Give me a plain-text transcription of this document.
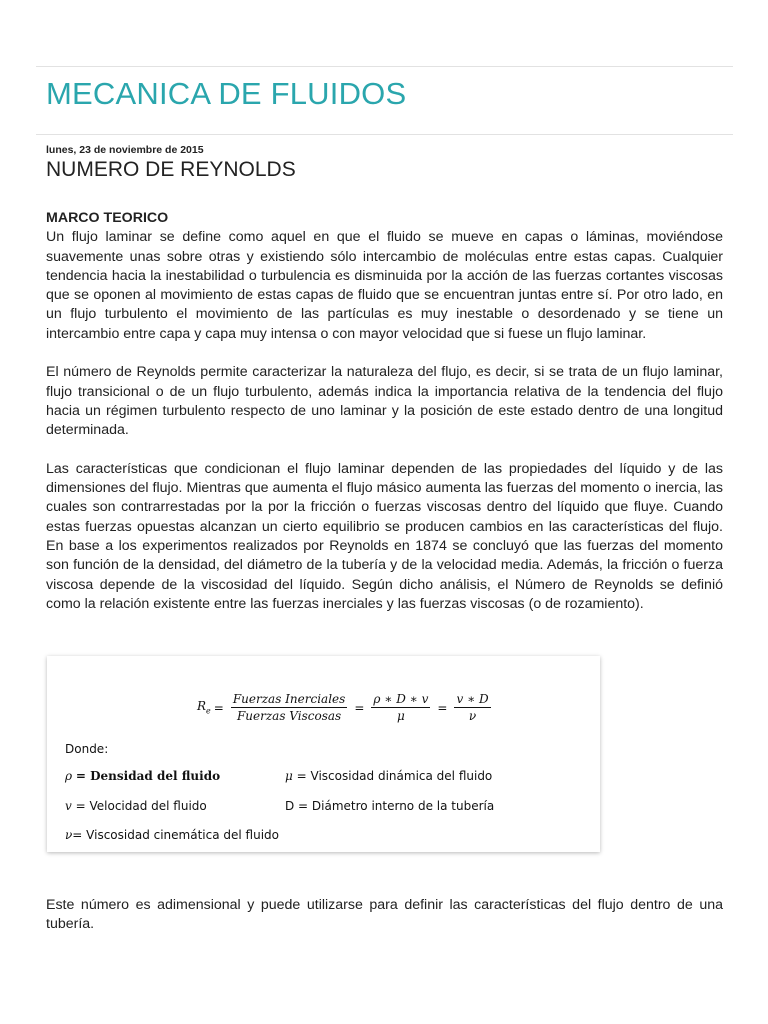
MECANICA DE FLUIDOS
lunes, 23 de noviembre de 2015
NUMERO DE REYNOLDS
MARCO TEORICO

Un flujo laminar se define como aquel en que el fluido se mueve en capas o láminas, moviéndose suavemente unas sobre otras y existiendo sólo intercambio de moléculas entre estas capas. Cualquier tendencia hacia la inestabilidad o turbulencia es disminuida por la acción de las fuerzas cortantes viscosas que se oponen al movimiento de estas capas de fluido que se encuentran juntas entre sí. Por otro lado, en un flujo turbulento el movimiento de las partículas es muy inestable o desordenado y se tiene un intercambio entre capa y capa muy intensa o con mayor velocidad que si fuese un flujo laminar.

El número de Reynolds permite caracterizar la naturaleza del flujo, es decir, si se trata de un flujo laminar, flujo transicional o de un flujo turbulento, además indica la importancia relativa de la tendencia del flujo hacia un régimen turbulento respecto de uno laminar y la posición de este estado dentro de una longitud determinada.

Las características que condicionan el flujo laminar dependen de las propiedades del líquido y de las dimensiones del flujo. Mientras que aumenta el flujo másico aumenta las fuerzas del momento o inercia, las cuales son contrarrestadas por la por la fricción o fuerzas viscosas dentro del líquido que fluye. Cuando estas fuerzas opuestas alcanzan un cierto equilibrio se producen cambios en las características del flujo. En base a los experimentos realizados por Reynolds en 1874 se concluyó que las fuerzas del momento son función de la densidad, del diámetro de la tubería y de la velocidad media. Además, la fricción o fuerza viscosa depende de la viscosidad del líquido. Según dicho análisis, el Número de Reynolds se definió como la relación existente entre las fuerzas inerciales y las fuerzas viscosas (o de rozamiento).

$R_e = \frac{\text{Fuerzas Inerciales}}{\text{Fuerzas Viscosas}} = \frac{\rho ∗ D ∗ v}{\mu} = \frac{v ∗ D}{\nu}$
Donde:
ρ = Densidad del fluido	μ = Viscosidad dinámica del fluido
v = Velocidad del fluido	D = Diámetro interno de la tubería
ν= Viscosidad cinemática del fluido

Este número es adimensional y puede utilizarse para definir las características del flujo dentro de una tubería.
